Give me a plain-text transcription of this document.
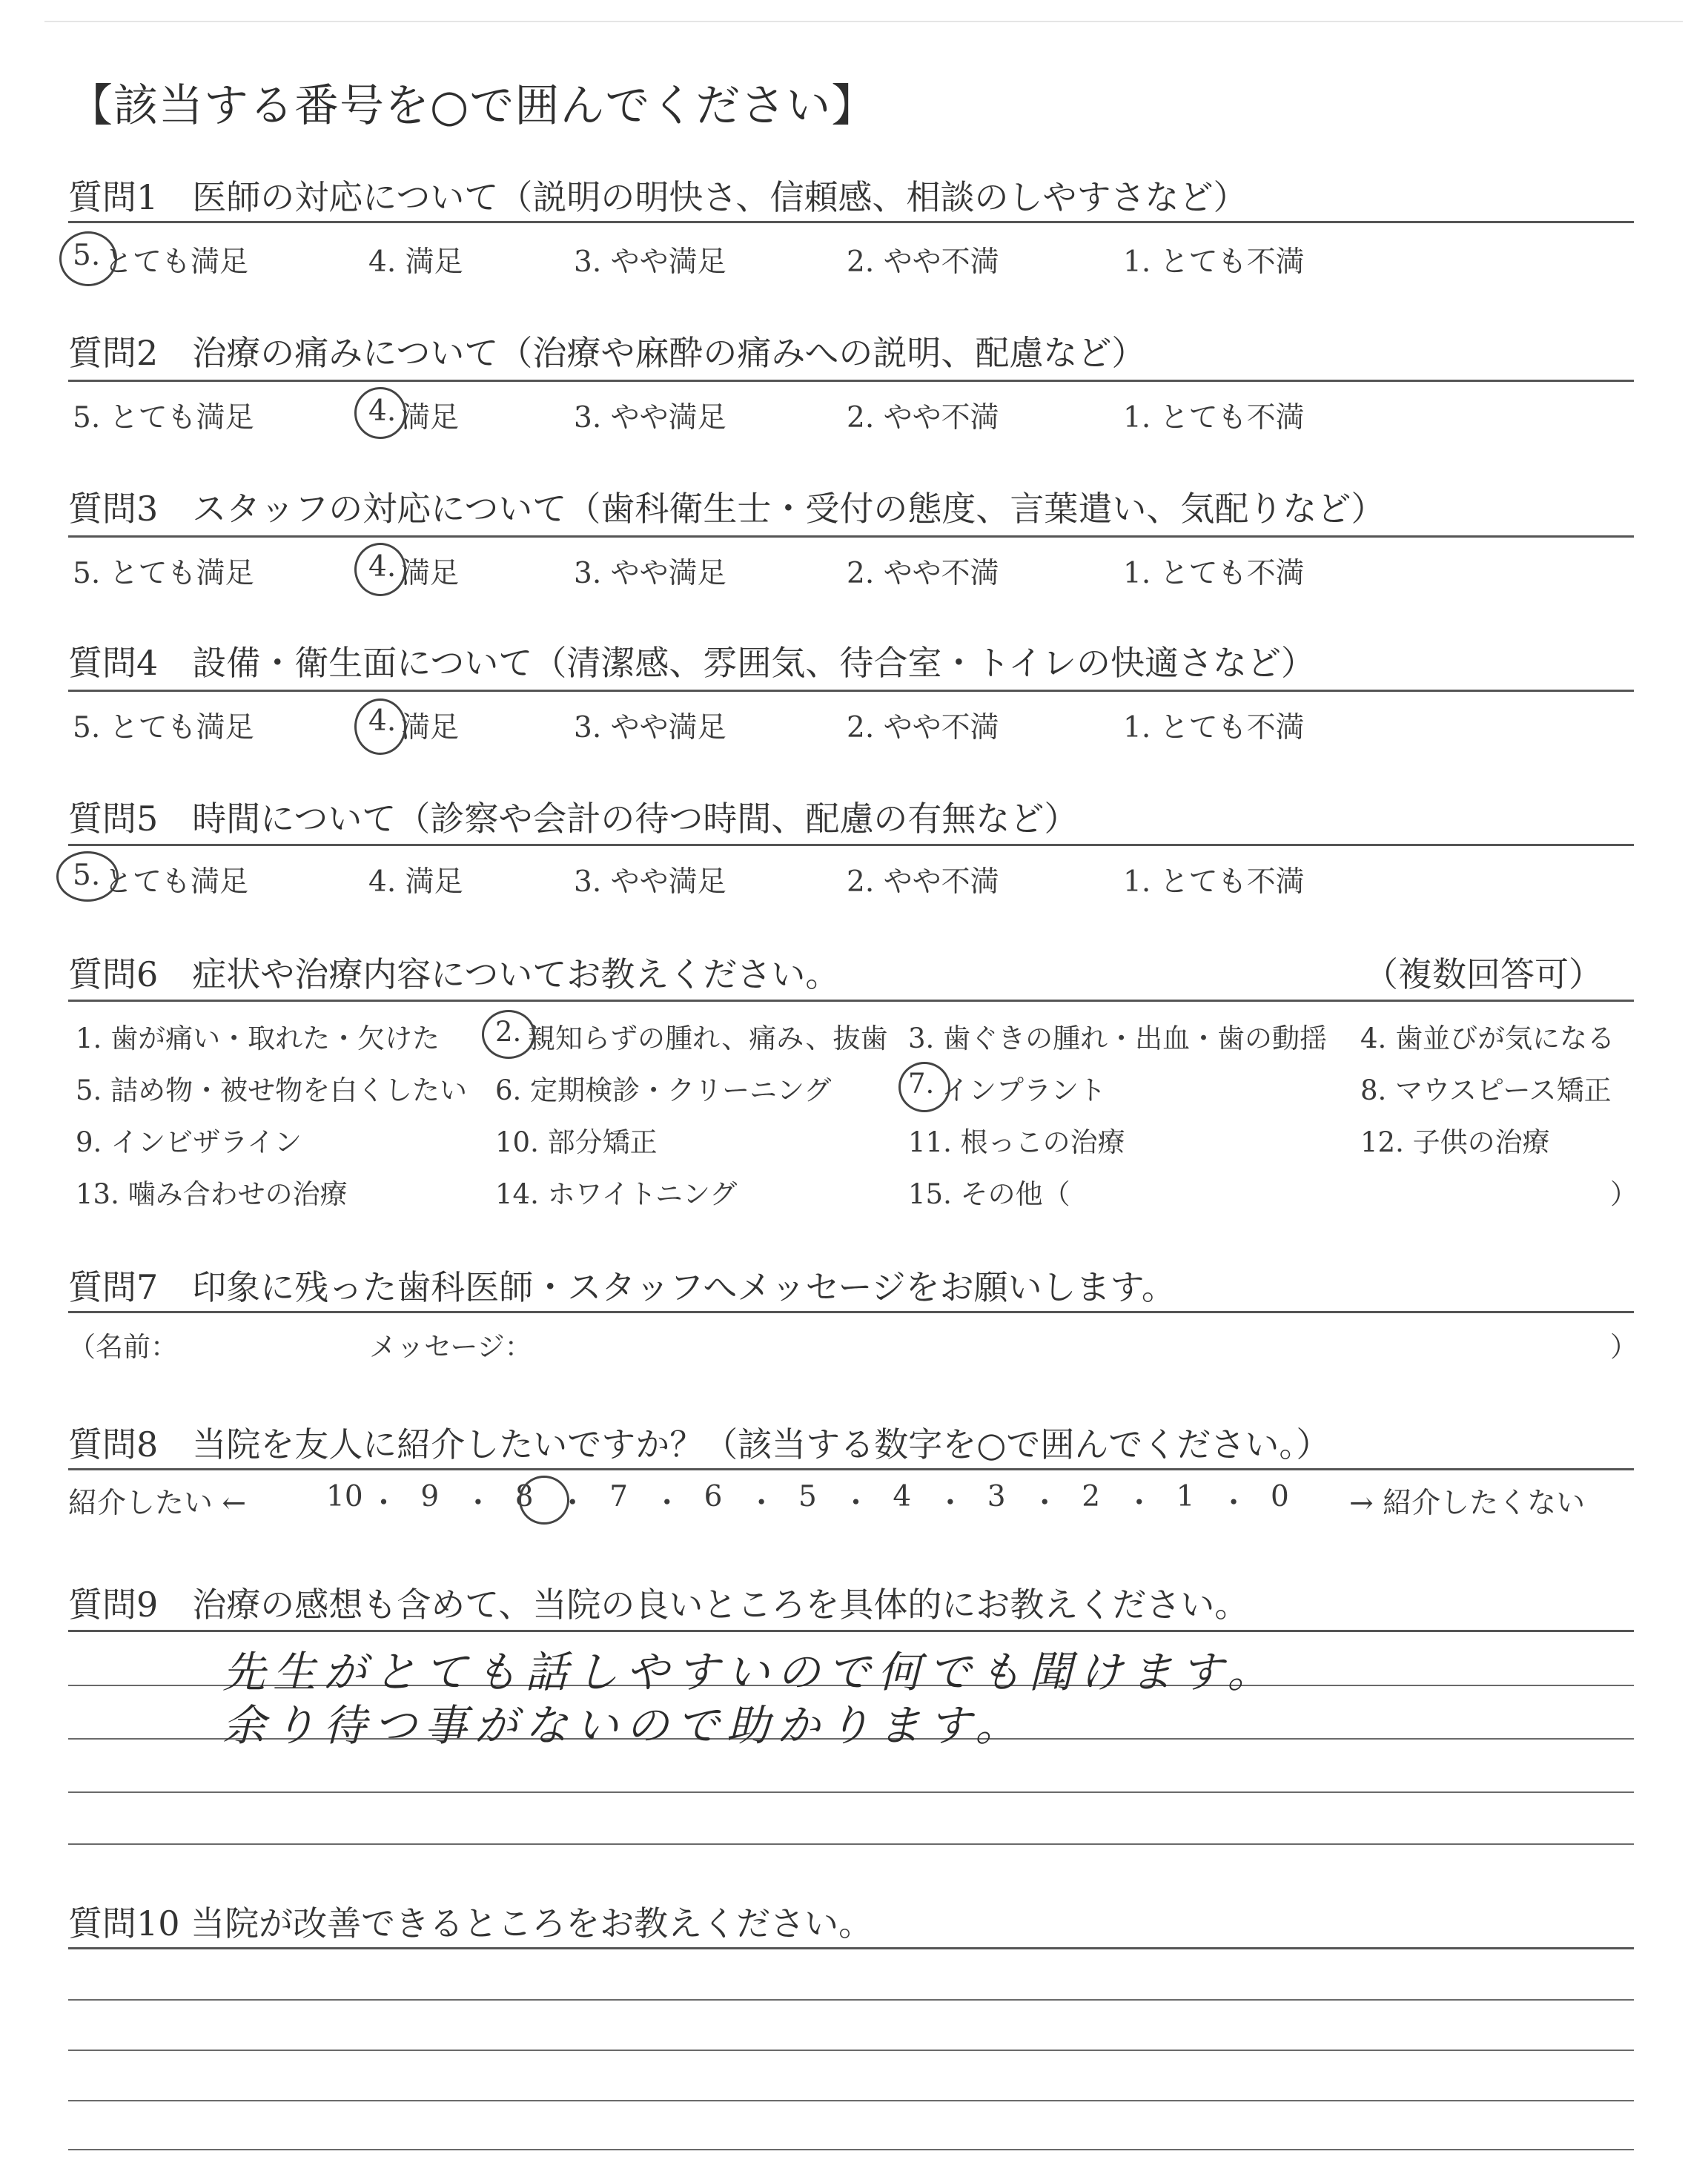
【該当する番号を○で囲んでください】
質問1　医師の対応について（説明の明快さ、信頼感、相談のしやすさなど）
5. とても満足	4. 満足	3. やや満足	2. やや不満	1. とても不満
質問2　治療の痛みについて（治療や麻酔の痛みへの説明、配慮など）
5. とても満足	4. 満足	3. やや満足	2. やや不満	1. とても不満
質問3　スタッフの対応について（歯科衛生士・受付の態度、言葉遣い、気配りなど）
5. とても満足	4. 満足	3. やや満足	2. やや不満	1. とても不満
質問4　設備・衛生面について（清潔感、雰囲気、待合室・トイレの快適さなど）
5. とても満足	4. 満足	3. やや満足	2. やや不満	1. とても不満
質問5　時間について（診察や会計の待つ時間、配慮の有無など）
5. とても満足	4. 満足	3. やや満足	2. やや不満	1. とても不満
質問6　症状や治療内容についてお教えください。	（複数回答可）
1. 歯が痛い・取れた・欠けた 2. 親知らずの腫れ、痛み、抜歯 3. 歯ぐきの腫れ・出血・歯の動揺 4. 歯並びが気になる
5. 詰め物・被せ物を白くしたい 6. 定期検診・クリーニング	7. インプラント	8. マウスピース矯正
9. インビザライン	10. 部分矯正	11. 根っこの治療	12. 子供の治療
13. 噛み合わせの治療	14. ホワイトニング	15. その他（	）
質問7　印象に残った歯科医師・スタッフへメッセージをお願いします。
（名前：	メッセージ：	）
質問8　当院を友人に紹介したいですか？（該当する数字を○で囲んでください。）
紹介したい ←	10 ・ 9 ・ 8 ・ 7 ・ 6 ・ 5 ・ 4 ・ 3 ・ 2 ・ 1 ・ 0 → 紹介したくない
質問9　治療の感想も含めて、当院の良いところを具体的にお教えください。
先生がとても話しやすいので何でも聞けます。
余り待つ事がないので助かります。
質問10 当院が改善できるところをお教えください。
